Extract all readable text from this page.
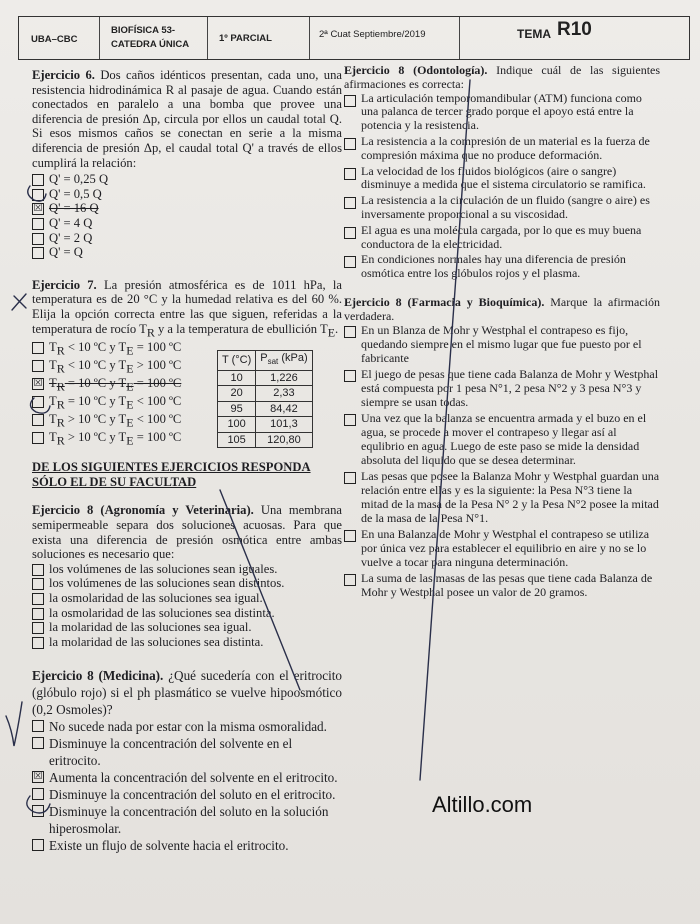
UBA–CBC
BIOFÍSICA 53-
CATEDRA ÚNICA
1º PARCIAL	2ª Cuat Septiembre/2019	TEMA R10

Ejercicio 6. Dos caños idénticos presentan, cada uno, una resistencia hidrodinámica R al pasaje de agua. Cuando están conectados en paralelo a una bomba que provee una diferencia de presión Δp, circula por ellos un caudal total Q. Si esos mismos caños se conectan en serie a la misma diferencia de presión Δp, el caudal total Q' a través de ellos cumplirá la relación:

Q' = 0,25 Q
Q' = 0,5 Q
☒ Q' = 16 Q
Q' = 4 Q
Q' = 2 Q
Q' = Q

Ejercicio 7. La presión atmosférica es de 1011 hPa, la temperatura es de 20 °C y la humedad relativa es del 60 %. Elija la opción correcta entre las que siguen, referidas a la temperatura de rocío $T_R$ y a la temperatura de ebullición $T_E$.

$T_R < 10$ ºC y $T_E = 100$ ºC
$T_R < 10$ ºC y $T_E > 100$ ºC
☒ $T_R = 10$ ºC y $T_E = 100$ ºC
$T_R = 10$ ºC y $T_E < 100$ ºC
$T_R > 10$ ºC y $T_E < 100$ ºC
$T_R > 10$ ºC y $T_E = 100$ ºC
T (°C)	$P_{sat}$ (kPa)
10	1,226
20	2,33
95	84,42
100	101,3
105	120,80
DE LOS SIGUIENTES EJERCICIOS RESPONDA SÓLO EL DE SU FACULTAD

Ejercicio 8 (Agronomía y Veterinaria). Una membrana semipermeable separa dos soluciones acuosas. Para que exista una diferencia de presión osmótica entre ambas soluciones es necesario que:

los volúmenes de las soluciones sean iguales.
los volúmenes de las soluciones sean distintos.
la osmolaridad de las soluciones sea igual.
la osmolaridad de las soluciones sea distinta.
la molaridad de las soluciones sea igual.
la molaridad de las soluciones sea distinta.

Ejercicio 8 (Medicina). ¿Qué sucedería con el eritrocito (glóbulo rojo) si el ph plasmático se vuelve hipoosmótico (0,2 Osmoles)?

No sucede nada por estar con la misma osmoralidad.
Disminuye la concentración del solvente en el eritrocito.
☒ Aumenta la concentración del solvente en el eritrocito.
Disminuye la concentración del soluto en el eritrocito.
Disminuye la concentración del soluto en la solución hiperosmolar.
Existe un flujo de solvente hacia el eritrocito.

Ejercicio 8 (Odontología). Indique cuál de las siguientes afirmaciones es correcta:

La articulación temporomandibular (ATM) funciona como una palanca de tercer grado porque el apoyo está entre la potencia y la resistencia.
La resistencia a la compresión de un material es la fuerza de compresión máxima que no produce deformación.
La velocidad de los fluidos biológicos (aire o sangre) disminuye a medida que el sistema circulatorio se ramifica.
La resistencia a la circulación de un fluido (sangre o aire) es inversamente proporcional a su viscosidad.
El agua es una molécula cargada, por lo que es muy buena conductora de la electricidad.
En condiciones normales hay una diferencia de presión osmótica entre los glóbulos rojos y el plasma.

Ejercicio 8 (Farmacia y Bioquímica). Marque la afirmación verdadera.

En un Blanza de Mohr y Westphal el contrapeso es fijo, quedando siempre en el mismo lugar que fue puesto por el fabricante
El juego de pesas que tiene cada Balanza de Mohr y Westphal está compuesta por 1 pesa N°1, 2 pesa N°2 y 3 pesa N°3 y siempre se usan todas.
Una vez que la balanza se encuentra armada y el buzo en el agua, se procede a mover el contrapeso y llegar así al equlibrio en agua. Luego de este paso se mide la densidad absoluta del liquido que se desea determinar.
Las pesas que posee la Balanza Mohr y Westphal guardan una relación entre ellas y es la siguiente: la Pesa N°3 tiene la mitad de la masa de la Pesa N° 2 y la Pesa N°2 posee la mitad de la masa de la Pesa N°1.
En una Balanza de Mohr y Westphal el contrapeso se utiliza por única vez para establecer el equilibrio en aire y no se lo vuelve a tocar para ninguna determinación.
La suma de las masas de las pesas que tiene cada Balanza de Mohr y Westphal posee un valor de 20 gramos.
Altillo.com
